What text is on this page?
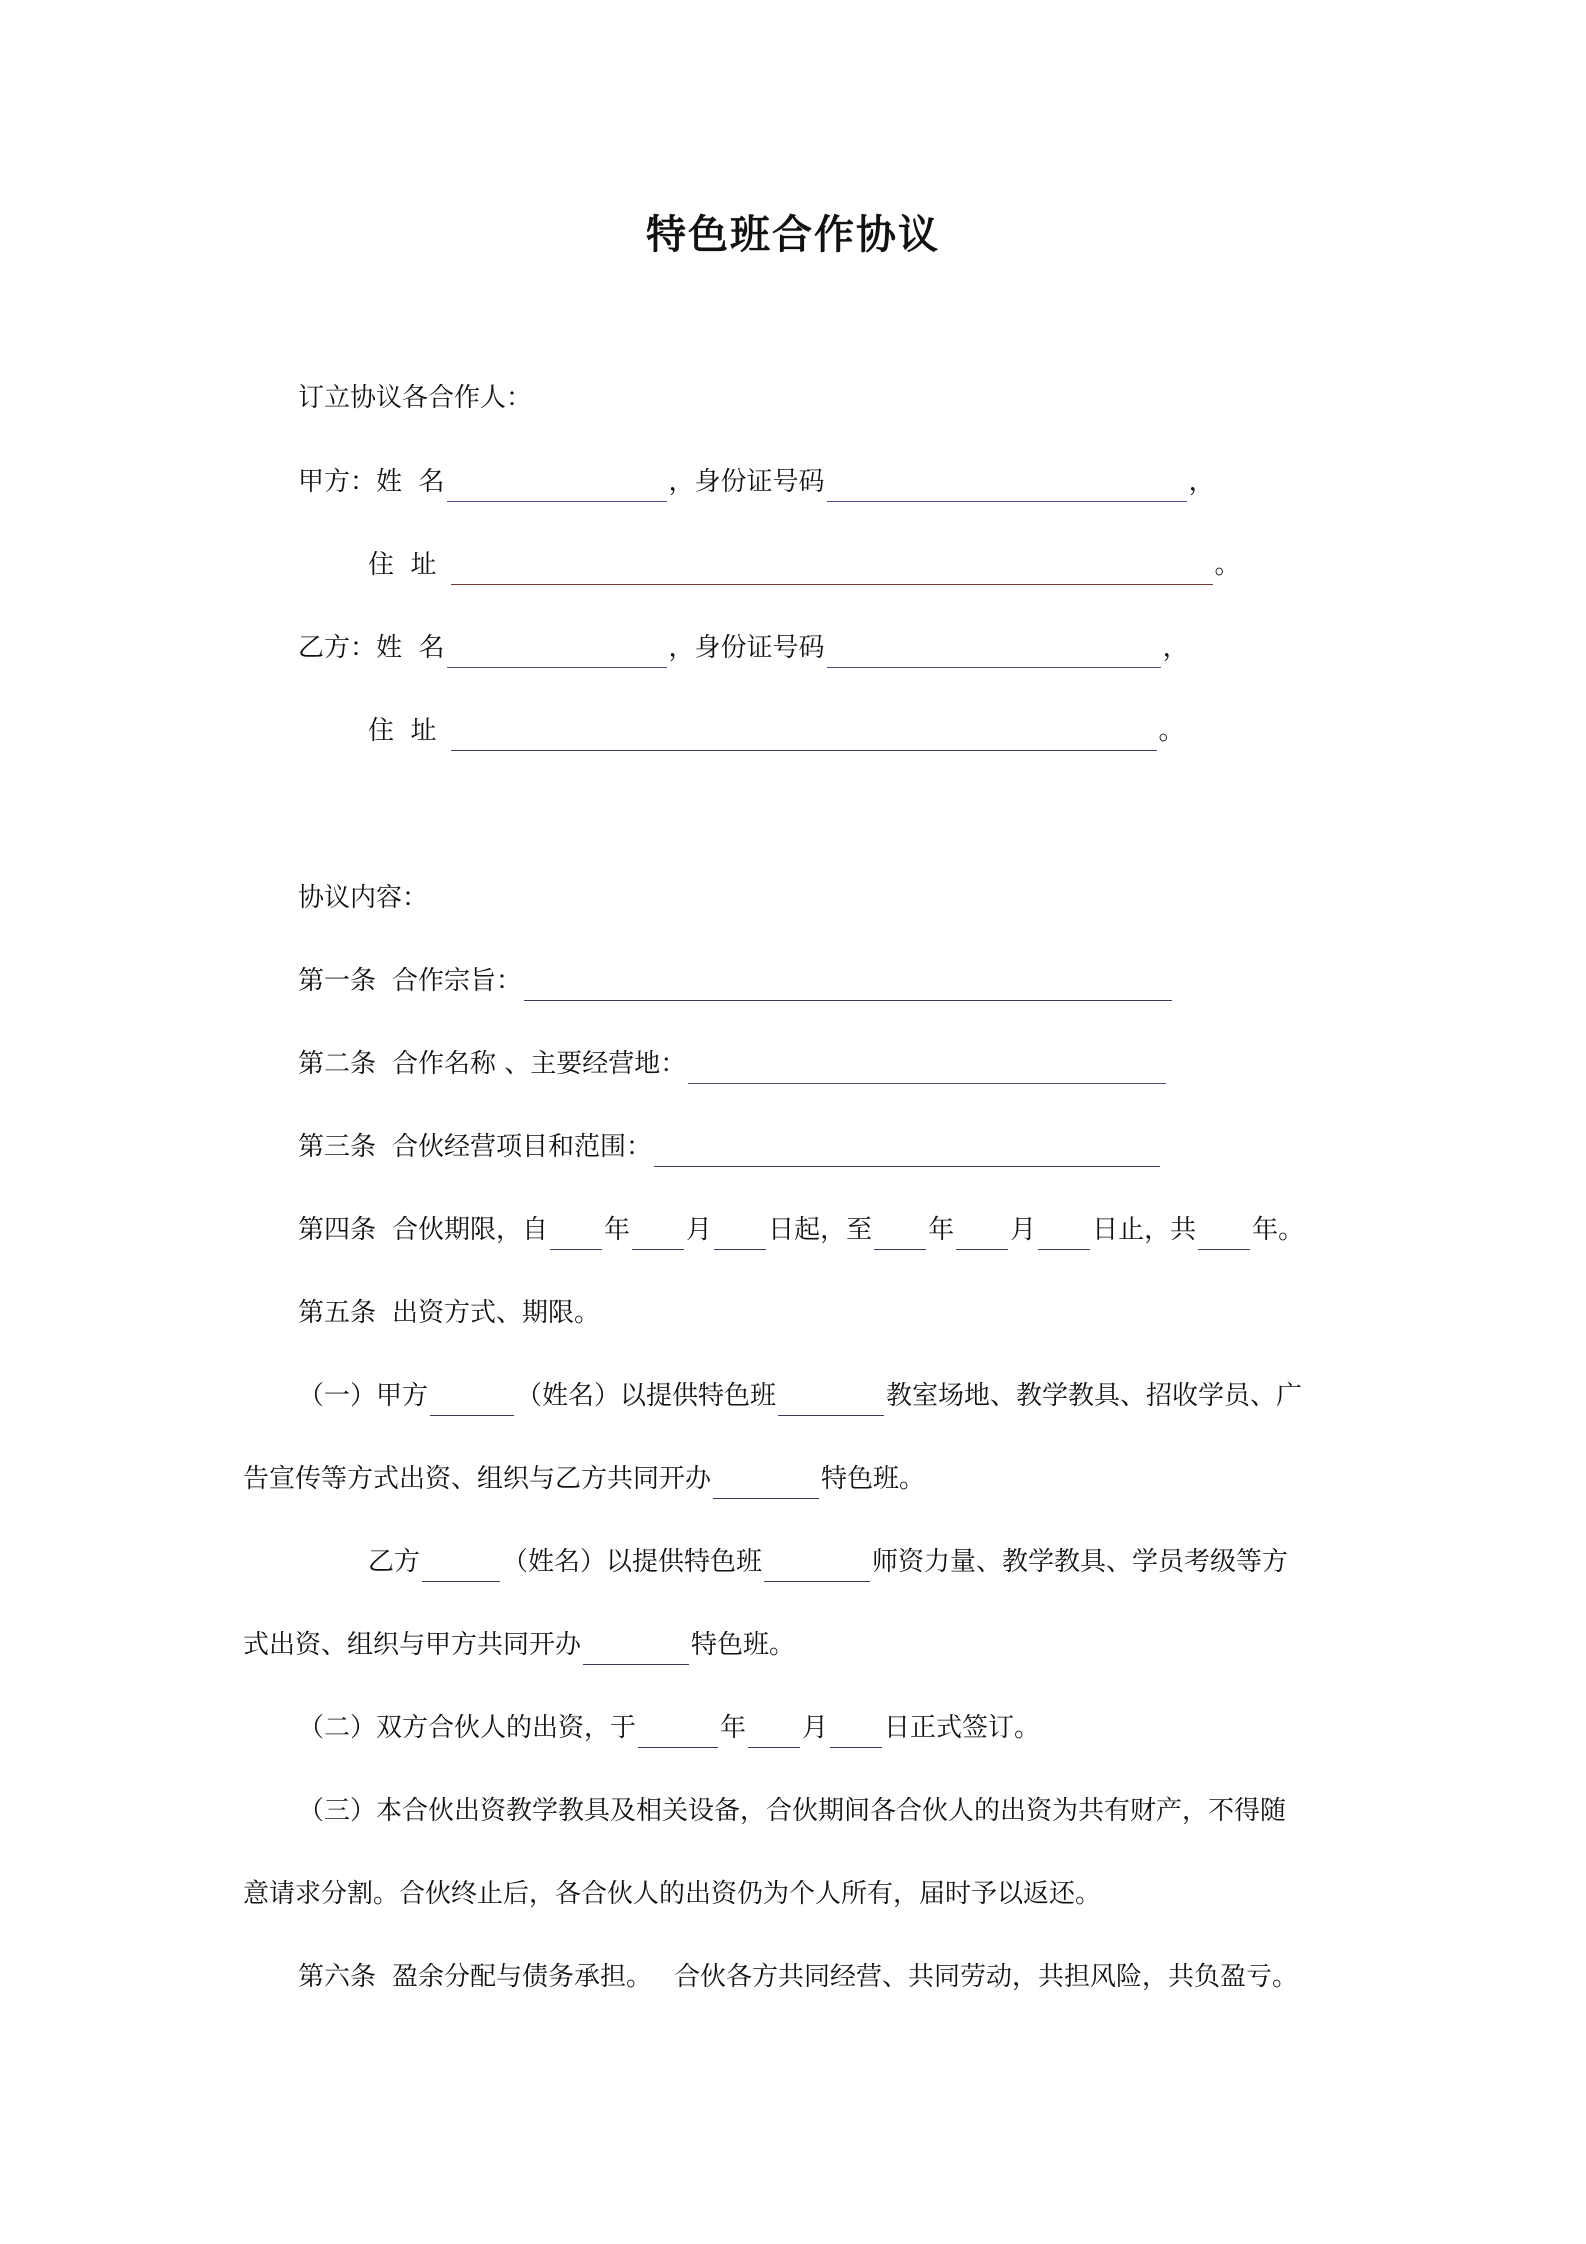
特色班合作协议
订立协议各合作人：
甲方： 姓  名	，身份证号码	，
住  址	。
乙方： 姓  名	，身份证号码	，
住  址	。
协议内容：
第一条 合作宗旨：
第二条 合作名称 、主要经营地：
第三条 合伙经营项目和范围：
第四条 合伙期限，自 年 月 日起，至 年 月 日止，共 年。
第五条 出资方式、期限。
（一）甲方	（姓名）以提供特色班	教室场地、教学教具、招收学员、广
告宣传等方式出资、组织与乙方共同开办	特色班。
乙方	（姓名）以提供特色班	师资力量、教学教具、学员考级等方
式出资、组织与甲方共同开办	特色班。
（二）双方合伙人的出资，于	年 月 日正式签订。
（三）本合伙出资教学教具及相关设备，合伙期间各合伙人的出资为共有财产，不得随
意请求分割。合伙终止后，各合伙人的出资仍为个人所有，届时予以返还。
第六条 盈余分配与债务承担。 合伙各方共同经营、共同劳动，共担风险，共负盈亏。
